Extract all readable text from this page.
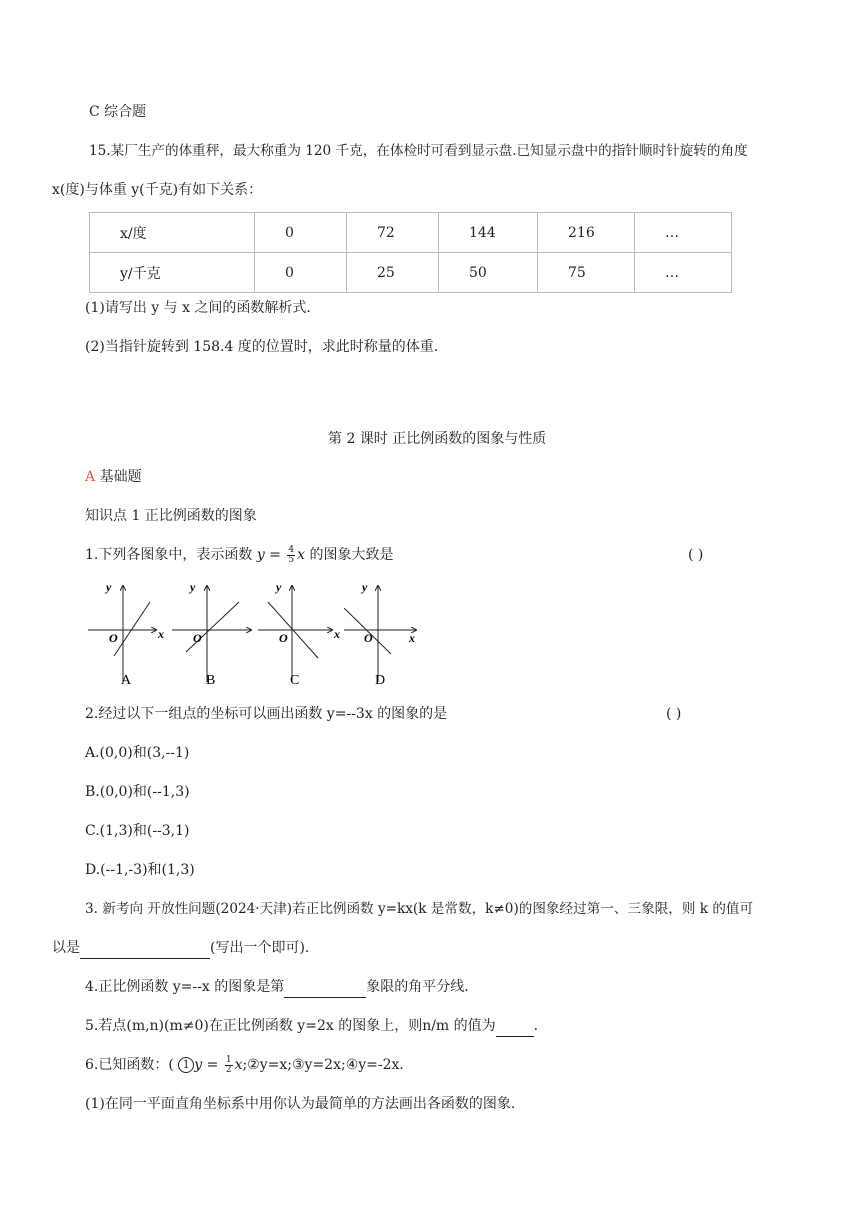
C 综合题
15.某厂生产的体重秤，最大称重为 120 千克，在体检时可看到显示盘.已知显示盘中的指针顺时针旋转的角度
x(度)与体重 y(千克)有如下关系：
x/度	0	72	144	216	…
y/千克	0	25	50	75	…
(1)请写出 y 与 x 之间的函数解析式.
(2)当指针旋转到 158.4 度的位置时，求此时称量的体重.
第 2 课时 正比例函数的图象与性质
A 基础题
知识点 1 正比例函数的图象
1.下列各图象中，表示函数 $y = \frac{4}{5}$ x 的图象大致是	( )
y
x
O
A
y
O
B
y
x
O
C
y
x
O
D
2.经过以下一组点的坐标可以画出函数 y=--3x 的图象的是	( )
A.(0,0)和(3,--1)
B.(0,0)和(--1,3)
C.(1,3)和(--3,1)
D.(--1,-3)和(1,3)
3. 新考向 开放性问题(2024·天津)若正比例函数 y=kx(k 是常数，k≠0)的图象经过第一、三象限，则 k 的值可
以是	(写出一个即可).
4.正比例函数 y=--x 的图象是第	象限的角平分线.
5.若点(m,n)(m≠0)在正比例函数 y=2x 的图象上，则n/m 的值为	.
6.已知函数：( 1 $y = \frac{1}{2}$ x;②y=x;③y=2x;④y=-2x.
(1)在同一平面直角坐标系中用你认为最简单的方法画出各函数的图象.
